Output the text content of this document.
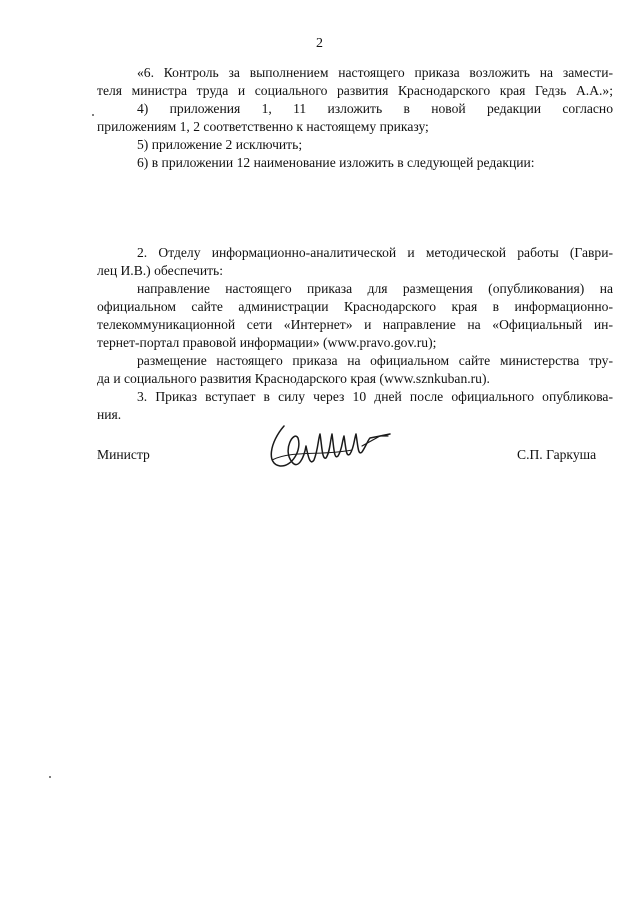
2
«6. Контроль за выполнением настоящего приказа возложить на замести-
теля министра труда и социального развития Краснодарского края Гедзь А.А.»;
4) приложения 1, 11 изложить в новой редакции согласно
приложениям 1, 2 соответственно к настоящему приказу;
5) приложение 2 исключить;
6) в приложении 12 наименование изложить в следующей редакции:
2. Отделу информационно-аналитической и методической работы (Гаври-
лец И.В.) обеспечить:
направление настоящего приказа для размещения (опубликования) на
официальном сайте администрации Краснодарского края в информационно-
телекоммуникационной сети «Интернет» и направление на «Официальный ин-
тернет-портал правовой информации» (www.pravo.gov.ru);
размещение настоящего приказа на официальном сайте министерства тру-
да и социального развития Краснодарского края (www.sznkuban.ru).
3. Приказ вступает в силу через 10 дней после официального опубликова-
ния.
Министр	С.П. Гаркуша
